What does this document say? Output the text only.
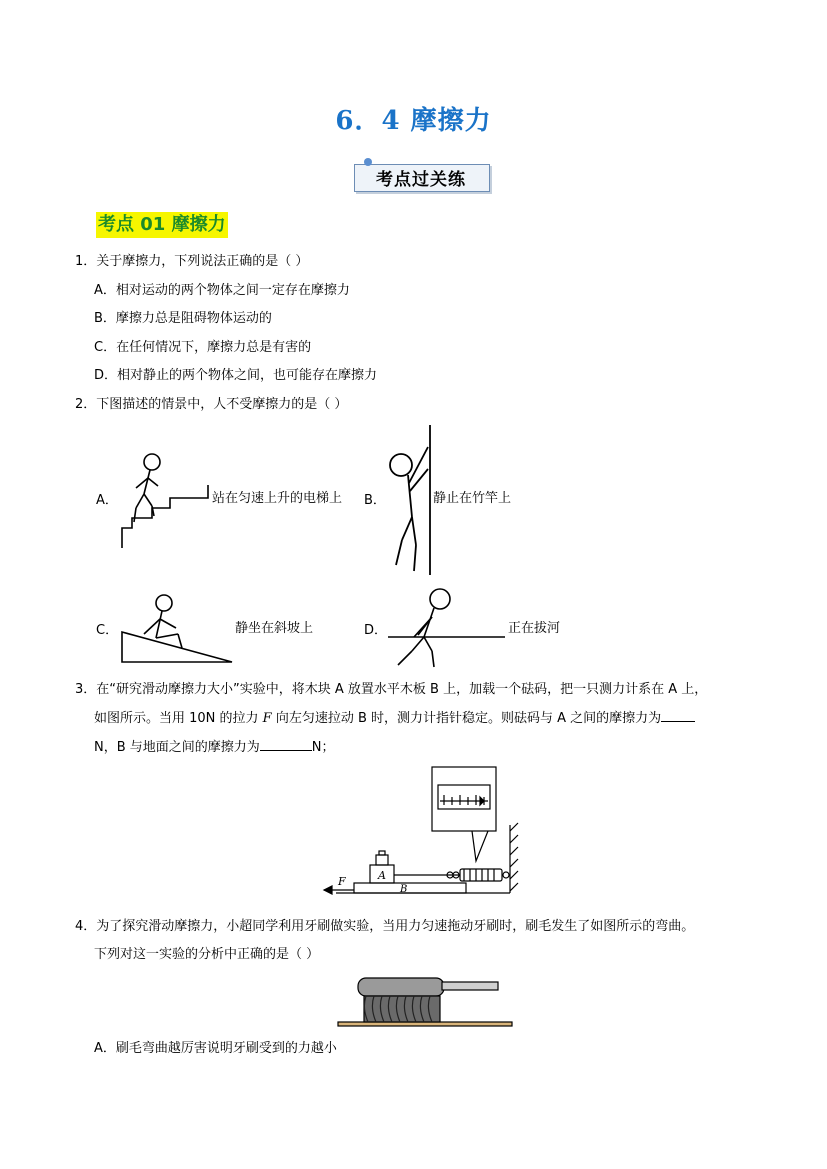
6．4 摩擦力
考点过关练
考点 01 摩擦力
1．关于摩擦力，下列说法正确的是（ ）
A．相对运动的两个物体之间一定存在摩擦力
B．摩擦力总是阻碍物体运动的
C．在任何情况下，摩擦力总是有害的
D．相对静止的两个物体之间，也可能存在摩擦力
2．下图描述的情景中，人不受摩擦力的是（ ）
A．	站在匀速上升的电梯上 B．	静止在竹竿上
C．	静坐在斜坡上	D．	正在拔河
3．在“研究滑动摩擦力大小”实验中，将木块 A 放置水平木板 B 上，加载一个砝码，把一只测力计系在 A 上，
如图所示。当用 10N 的拉力 F 向左匀速拉动 B 时，测力计指针稳定。则砝码与 A 之间的摩擦力为
N，B 与地面之间的摩擦力为	N；
A
B
F
4．为了探究滑动摩擦力，小超同学利用牙刷做实验，当用力匀速拖动牙刷时，刷毛发生了如图所示的弯曲。
下列对这一实验的分析中正确的是（ ）
A．刷毛弯曲越厉害说明牙刷受到的力越小
